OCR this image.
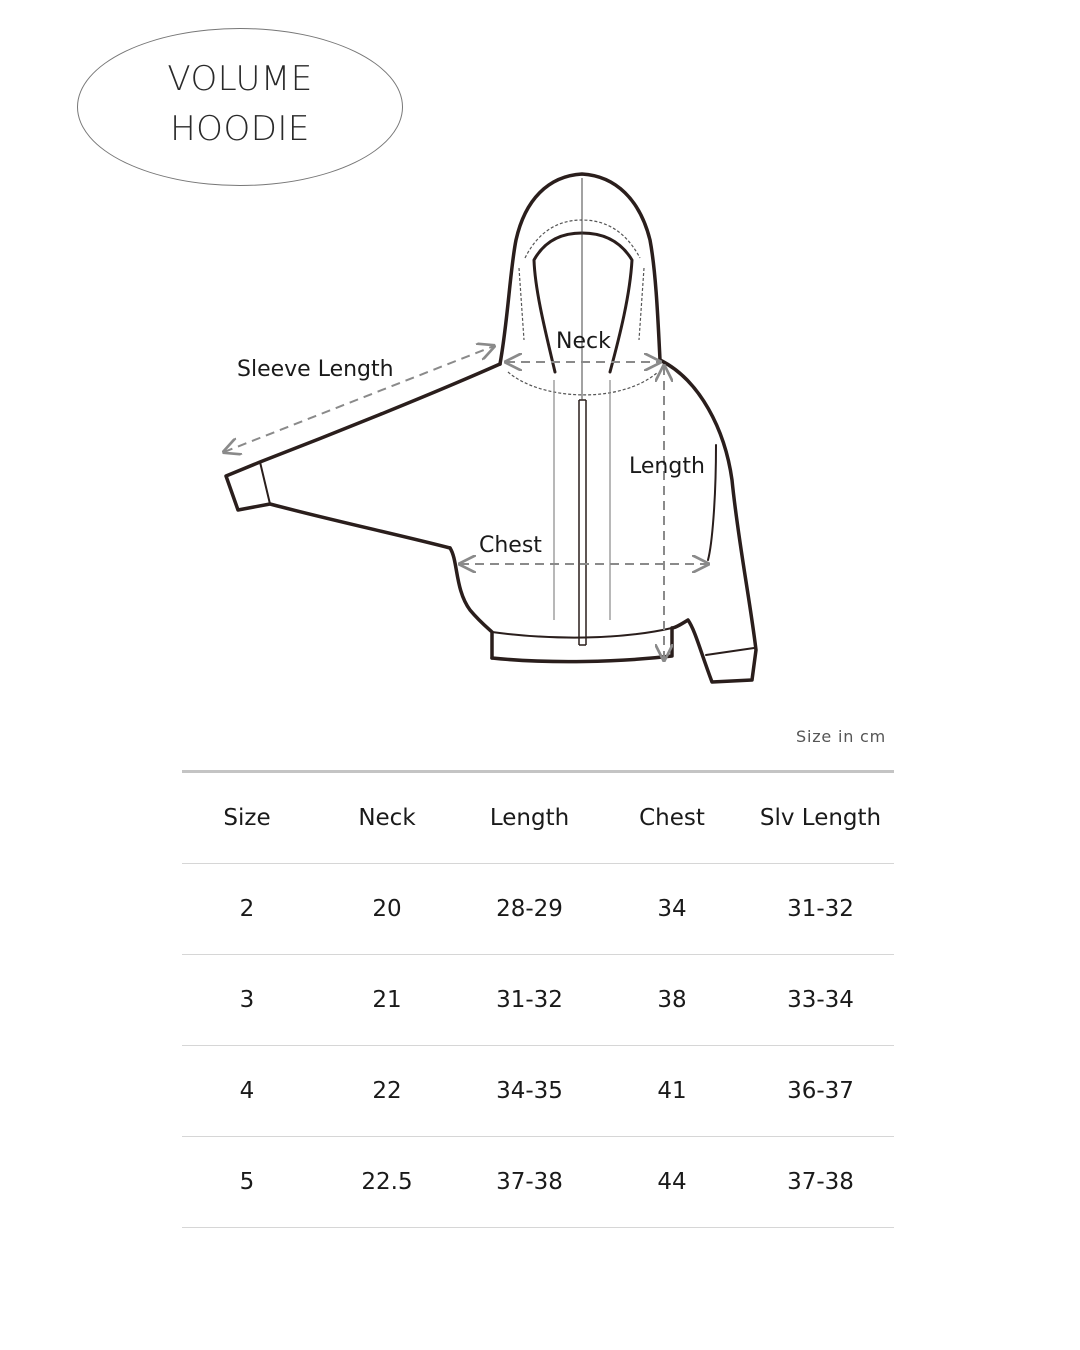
VOLUME
HOODIE
Neck
Sleeve Length
Length
Chest
Size in cm
Size	Neck	Length	Chest	Slv Length
2	20	28-29	34	31-32
3	21	31-32	38	33-34
4	22	34-35	41	36-37
5	22.5	37-38	44	37-38
